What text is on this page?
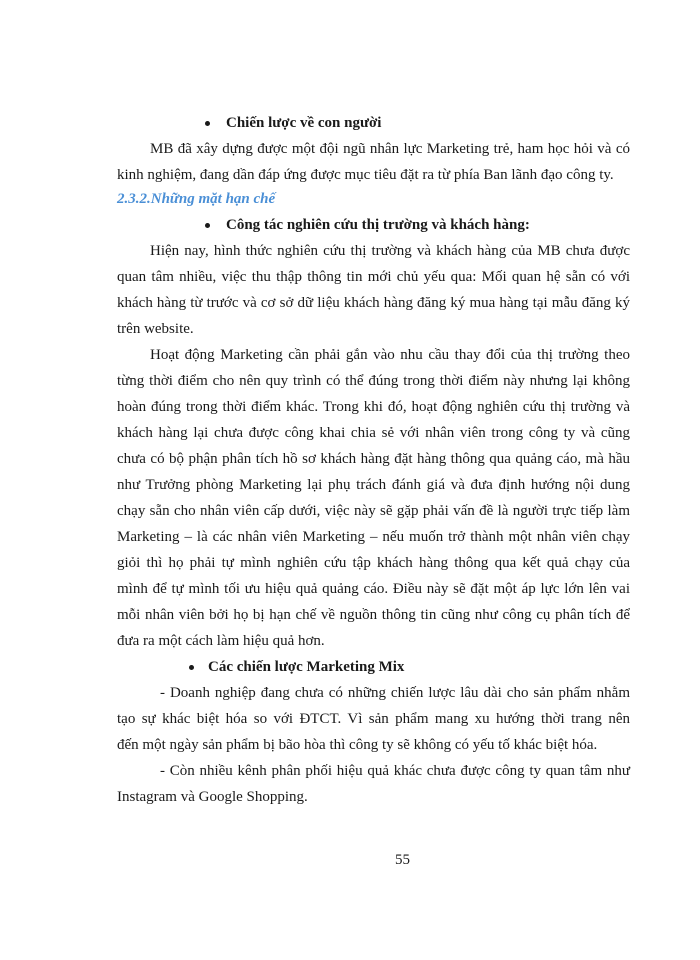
Chiến lược về con người
MB đã xây dựng được một đội ngũ nhân lực Marketing trẻ, ham học hỏi và có
kinh nghiệm, đang dần đáp ứng được mục tiêu đặt ra từ phía Ban lãnh đạo công ty.
2.3.2.Những mặt hạn chế
Công tác nghiên cứu thị trường và khách hàng:
Hiện nay, hình thức nghiên cứu thị trường và khách hàng của MB chưa được
quan tâm nhiều, việc thu thập thông tin mới chủ yếu qua: Mối quan hệ sẵn có với
khách hàng từ trước và cơ sở dữ liệu khách hàng đăng ký mua hàng tại mẫu đăng ký
trên website.
Hoạt động Marketing cần phải gắn vào nhu cầu thay đổi của thị trường theo
từng thời điểm cho nên quy trình có thể đúng trong thời điểm này nhưng lại không
hoàn đúng trong thời điểm khác. Trong khi đó, hoạt động nghiên cứu thị trường và
khách hàng lại chưa được công khai chia sẻ với nhân viên trong công ty và cũng
chưa có bộ phận phân tích hồ sơ khách hàng đặt hàng thông qua quảng cáo, mà hầu
như Trưởng phòng Marketing lại phụ trách đánh giá và đưa định hướng nội dung
chạy sẵn cho nhân viên cấp dưới, việc này sẽ gặp phải vấn đề là người trực tiếp làm
Marketing – là các nhân viên Marketing – nếu muốn trở thành một nhân viên chạy
giỏi thì họ phải tự mình nghiên cứu tập khách hàng thông qua kết quả chạy của
mình để tự mình tối ưu hiệu quả quảng cáo. Điều này sẽ đặt một áp lực lớn lên vai
mỗi nhân viên bởi họ bị hạn chế về nguồn thông tin cũng như công cụ phân tích để
đưa ra một cách làm hiệu quả hơn.
Các chiến lược Marketing Mix
- Doanh nghiệp đang chưa có những chiến lược lâu dài cho sản phẩm nhằm
tạo sự khác biệt hóa so với ĐTCT. Vì sản phẩm mang xu hướng thời trang nên
đến một ngày sản phẩm bị bão hòa thì công ty sẽ không có yếu tố khác biệt hóa.
- Còn nhiều kênh phân phối hiệu quả khác chưa được công ty quan tâm như
Instagram và Google Shopping.
55
